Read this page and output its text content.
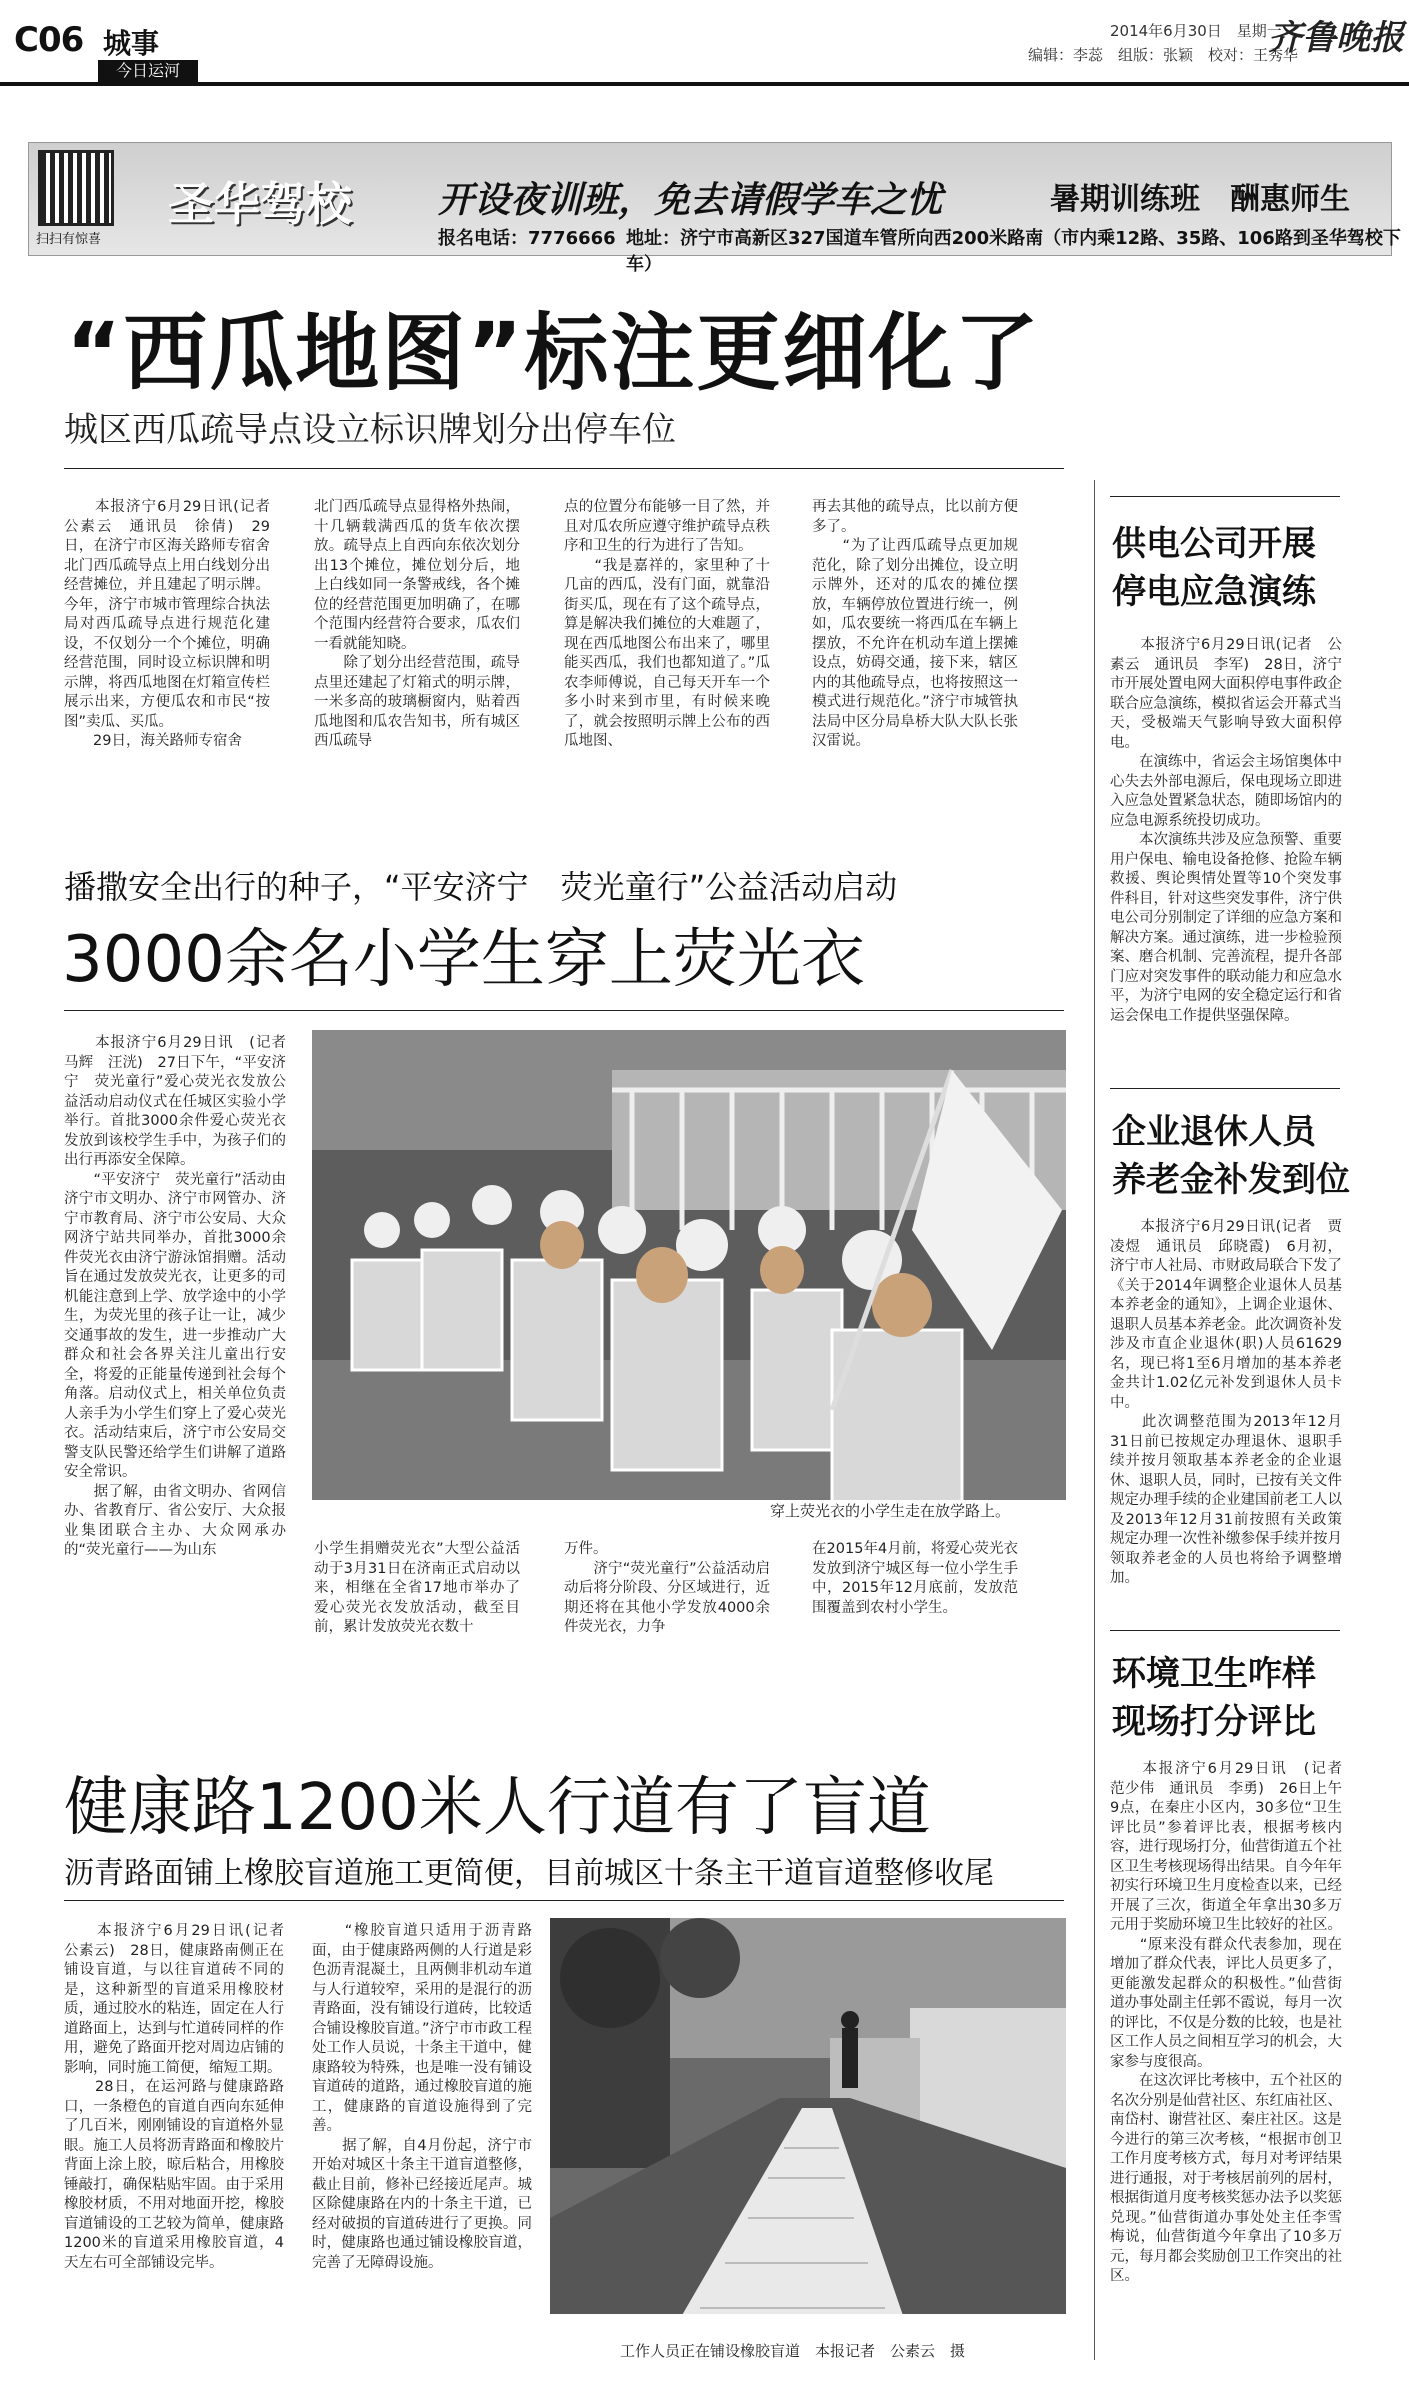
C06 城事
今日运河
2014年6月30日　星期一
编辑：李蕊　组版：张颖　校对：王秀华
齐鲁晚报
扫扫有惊喜
圣华驾校 开设夜训班，免去请假学车之忧	暑期训练班　酬惠师生
报名电话：7776666 地址：济宁市高新区327国道车管所向西200米路南（市内乘12路、35路、106路到圣华驾校下车）
“西瓜地图”标注更细化了
城区西瓜疏导点设立标识牌划分出停车位
　　本报济宁6月29日讯(记者 公素云　通讯员　徐倩)　29日，在济宁市区海关路师专宿舍北门西瓜疏导点上用白线划分出经营摊位，并且建起了明示牌。今年，济宁市城市管理综合执法局对西瓜疏导点进行规范化建设，不仅划分一个个摊位，明确经营范围，同时设立标识牌和明示牌，将西瓜地图在灯箱宣传栏展示出来，方便瓜农和市民“按图”卖瓜、买瓜。
　　29日，海关路师专宿舍
北门西瓜疏导点显得格外热闹，十几辆载满西瓜的货车依次摆放。疏导点上自西向东依次划分出13个摊位，摊位划分后，地上白线如同一条警戒线，各个摊位的经营范围更加明确了，在哪个范围内经营符合要求，瓜农们一看就能知晓。
　　除了划分出经营范围，疏导点里还建起了灯箱式的明示牌，一米多高的玻璃橱窗内，贴着西瓜地图和瓜农告知书，所有城区西瓜疏导
点的位置分布能够一目了然，并且对瓜农所应遵守维护疏导点秩序和卫生的行为进行了告知。
　　“我是嘉祥的，家里种了十几亩的西瓜，没有门面，就靠沿街买瓜，现在有了这个疏导点，算是解决我们摊位的大难题了，现在西瓜地图公布出来了，哪里能买西瓜，我们也都知道了。”瓜农李师傅说，自己每天开车一个多小时来到市里，有时候来晚了，就会按照明示牌上公布的西瓜地图、
再去其他的疏导点，比以前方便多了。
　　“为了让西瓜疏导点更加规范化，除了划分出摊位，设立明示牌外，还对的瓜农的摊位摆放，车辆停放位置进行统一，例如，瓜农要统一将西瓜在车辆上摆放，不允许在机动车道上摆摊设点，妨碍交通，接下来，辖区内的其他疏导点，也将按照这一模式进行规范化。”济宁市城管执法局中区分局阜桥大队大队长张汉雷说。
供电公司开展
停电应急演练
　　本报济宁6月29日讯(记者　公素云　通讯员　李军)　28日，济宁市开展处置电网大面积停电事件政企联合应急演练，模拟省运会开幕式当天，受极端天气影响导致大面积停电。
　　在演练中，省运会主场馆奥体中心失去外部电源后，保电现场立即进入应急处置紧急状态，随即场馆内的应急电源系统投切成功。
　　本次演练共涉及应急预警、重要用户保电、输电设备抢修、抢险车辆救援、舆论舆情处置等10个突发事件科目，针对这些突发事件，济宁供电公司分别制定了详细的应急方案和解决方案。通过演练，进一步检验预案、磨合机制、完善流程，提升各部门应对突发事件的联动能力和应急水平，为济宁电网的安全稳定运行和省运会保电工作提供坚强保障。
企业退休人员
养老金补发到位
　　本报济宁6月29日讯(记者　贾凌煜　通讯员　邱晓霞)　6月初，济宁市人社局、市财政局联合下发了《关于2014年调整企业退休人员基本养老金的通知》，上调企业退休、退职人员基本养老金。此次调资补发涉及市直企业退休(职)人员61629名，现已将1至6月增加的基本养老金共计1.02亿元补发到退休人员卡中。
　　此次调整范围为2013年12月31日前已按规定办理退休、退职手续并按月领取基本养老金的企业退休、退职人员，同时，已按有关文件规定办理手续的企业建国前老工人以及2013年12月31前按照有关政策规定办理一次性补缴参保手续并按月领取养老金的人员也将给予调整增加。
环境卫生咋样
现场打分评比
　　本报济宁6月29日讯　(记者　范少伟　通讯员　李勇)　26日上午9点，在秦庄小区内，30多位“卫生评比员”参着评比表，根据考核内容，进行现场打分，仙营街道五个社区卫生考核现场得出结果。自今年年初实行环境卫生月度检查以来，已经开展了三次，街道全年拿出30多万元用于奖励环境卫生比较好的社区。
　　“原来没有群众代表参加，现在增加了群众代表，评比人员更多了，更能激发起群众的积极性。”仙营街道办事处副主任郭不霞说，每月一次的评比，不仅是分数的比较，也是社区工作人员之间相互学习的机会，大家参与度很高。
　　在这次评比考核中，五个社区的名次分别是仙营社区、东红庙社区、南岱村、谢营社区、秦庄社区。这是今进行的第三次考核，“根据市创卫工作月度考核方式，每月对考评结果进行通报，对于考核居前列的居村，根据街道月度考核奖惩办法予以奖惩兑现。”仙营街道办事处处主任李雪梅说，仙营街道今年拿出了10多万元，每月都会奖励创卫工作突出的社区。
播撒安全出行的种子，“平安济宁　荧光童行”公益活动启动
3000余名小学生穿上荧光衣
　　本报济宁6月29日讯　(记者　马辉　汪洸)　27日下午，“平安济宁　荧光童行”爱心荧光衣发放公益活动启动仪式在任城区实验小学举行。首批3000余件爱心荧光衣发放到该校学生手中，为孩子们的出行再添安全保障。
　　“平安济宁　荧光童行”活动由济宁市文明办、济宁市网管办、济宁市教育局、济宁市公安局、大众网济宁站共同举办，首批3000余件荧光衣由济宁游泳馆捐赠。活动旨在通过发放荧光衣，让更多的司机能注意到上学、放学途中的小学生，为荧光里的孩子让一让，减少交通事故的发生，进一步推动广大群众和社会各界关注儿童出行安全，将爱的正能量传递到社会每个角落。启动仪式上，相关单位负责人亲手为小学生们穿上了爱心荧光衣。活动结束后，济宁市公安局交警支队民警还给学生们讲解了道路安全常识。
　　据了解，由省文明办、省网信办、省教育厅、省公安厅、大众报业集团联合主办、大众网承办的“荧光童行——为山东
穿上荧光衣的小学生走在放学路上。
小学生捐赠荧光衣”大型公益活动于3月31日在济南正式启动以来，相继在全省17地市举办了爱心荧光衣发放活动，截至目前，累计发放荧光衣数十
万件。
　　济宁“荧光童行”公益活动启动后将分阶段、分区域进行，近期还将在其他小学发放4000余件荧光衣，力争
在2015年4月前，将爱心荧光衣发放到济宁城区每一位小学生手中，2015年12月底前，发放范围覆盖到农村小学生。
健康路1200米人行道有了盲道
沥青路面铺上橡胶盲道施工更简便，目前城区十条主干道盲道整修收尾
　　本报济宁6月29日讯(记者　公素云)　28日，健康路南侧正在铺设盲道，与以往盲道砖不同的是，这种新型的盲道采用橡胶材质，通过胶水的粘连，固定在人行道路面上，达到与忙道砖同样的作用，避免了路面开挖对周边店铺的影响，同时施工简便，缩短工期。
　　28日，在运河路与健康路路口，一条橙色的盲道自西向东延伸了几百米，刚刚铺设的盲道格外显眼。施工人员将沥青路面和橡胶片背面上涂上胶，晾后粘合，用橡胶锤敲打，确保粘贴牢固。由于采用橡胶材质，不用对地面开挖，橡胶盲道铺设的工艺较为简单，健康路1200米的盲道采用橡胶盲道，4天左右可全部铺设完毕。
　　“橡胶盲道只适用于沥青路面，由于健康路两侧的人行道是彩色沥青混凝土，且两侧非机动车道与人行道较窄，采用的是混行的沥青路面，没有铺设行道砖，比较适合铺设橡胶盲道。”济宁市市政工程处工作人员说，十条主干道中，健康路较为特殊，也是唯一没有铺设盲道砖的道路，通过橡胶盲道的施工，健康路的盲道设施得到了完善。
　　据了解，自4月份起，济宁市开始对城区十条主干道盲道整修，截止目前，修补已经接近尾声。城区除健康路在内的十条主干道，已经对破损的盲道砖进行了更换。同时，健康路也通过铺设橡胶盲道，完善了无障碍设施。
工作人员正在铺设橡胶盲道　本报记者　公素云　摄
